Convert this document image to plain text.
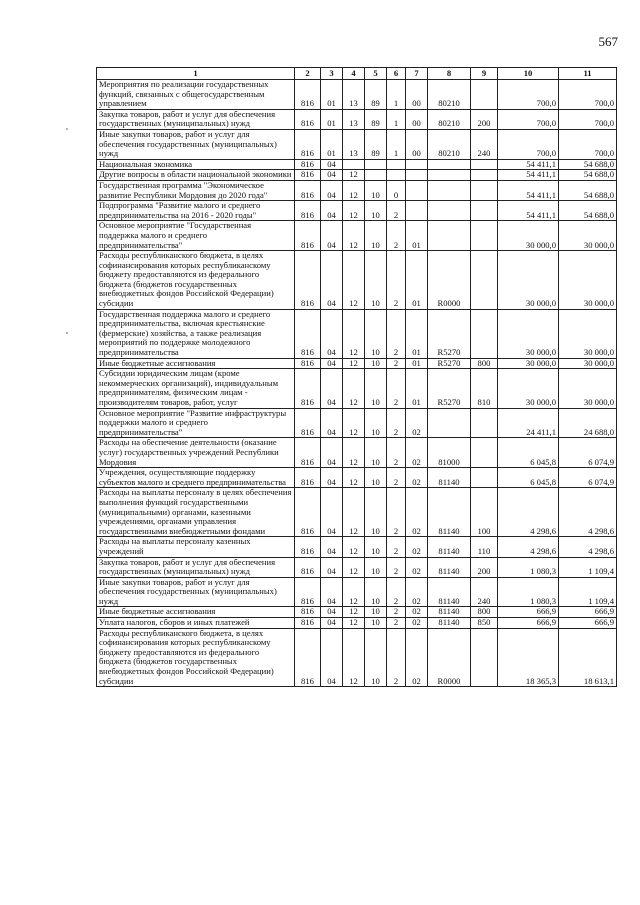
567
1	2	3	4	5	6	7	8	9	10	11
Мероприятия по реализации государственных функций, связанных с общегосударственным управлением	816	01	13	89	1	00	80210		700,0	700,0
Закупка товаров, работ и услуг для обеспечения государственных (муниципальных) нужд	816	01	13	89	1	00	80210	200	700,0	700,0
Иные закупки товаров, работ и услуг для обеспечения государственных (муниципальных) нужд	816	01	13	89	1	00	80210	240	700,0	700,0
Национальная экономика	816	04							54 411,1	54 688,0
Другие вопросы в области национальной экономики	816	04	12						54 411,1	54 688,0
Государственная программа "Экономическое развитие Республики Мордовия до 2020 года"	816	04	12	10	0				54 411,1	54 688,0
Подпрограмма "Развитие малого и среднего предпринимательства на 2016 - 2020 годы"	816	04	12	10	2				54 411,1	54 688,0
Основное мероприятие "Государственная поддержка малого и среднего предпринимательства"	816	04	12	10	2	01			30 000,0	30 000,0
Расходы республиканского бюджета, в целях софинансирования которых республиканскому бюджету предоставляются из федерального бюджета (бюджетов государственных внебюджетных фондов Российской Федерации) субсидии	816	04	12	10	2	01	R0000		30 000,0	30 000,0
Государственная поддержка малого и среднего предпринимательства, включая крестьянские (фермерские) хозяйства, а также реализация мероприятий по поддержке молодежного предпринимательства	816	04	12	10	2	01	R5270		30 000,0	30 000,0
Иные бюджетные ассигнования	816	04	12	10	2	01	R5270	800	30 000,0	30 000,0
Субсидии юридическим лицам (кроме некоммерческих организаций), индивидуальным предпринимателям, физическим лицам - производителям товаров, работ, услуг	816	04	12	10	2	01	R5270	810	30 000,0	30 000,0
Основное мероприятие "Развитие инфраструктуры поддержки малого и среднего предпринимательства"	816	04	12	10	2	02			24 411,1	24 688,0
Расходы на обеспечение деятельности (оказание услуг) государственных учреждений Республики Мордовия	816	04	12	10	2	02	81000		6 045,8	6 074,9
Учреждения, осуществляющие поддержку субъектов малого и среднего предпринимательства	816	04	12	10	2	02	81140		6 045,8	6 074,9
Расходы на выплаты персоналу в целях обеспечения выполнения функций государственными (муниципальными) органами, казенными учреждениями, органами управления государственными внебюджетными фондами	816	04	12	10	2	02	81140	100	4 298,6	4 298,6
Расходы на выплаты персоналу казенных учреждений	816	04	12	10	2	02	81140	110	4 298,6	4 298,6
Закупка товаров, работ и услуг для обеспечения государственных (муниципальных) нужд	816	04	12	10	2	02	81140	200	1 080,3	1 109,4
Иные закупки товаров, работ и услуг для обеспечения государственных (муниципальных) нужд	816	04	12	10	2	02	81140	240	1 080,3	1 109,4
Иные бюджетные ассигнования	816	04	12	10	2	02	81140	800	666,9	666,9
Уплата налогов, сборов и иных платежей	816	04	12	10	2	02	81140	850	666,9	666,9
Расходы республиканского бюджета, в целях софинансирования которых республиканскому бюджету предоставляются из федерального бюджета (бюджетов государственных внебюджетных фондов Российской Федерации) субсидии	816	04	12	10	2	02	R0000		18 365,3	18 613,1
